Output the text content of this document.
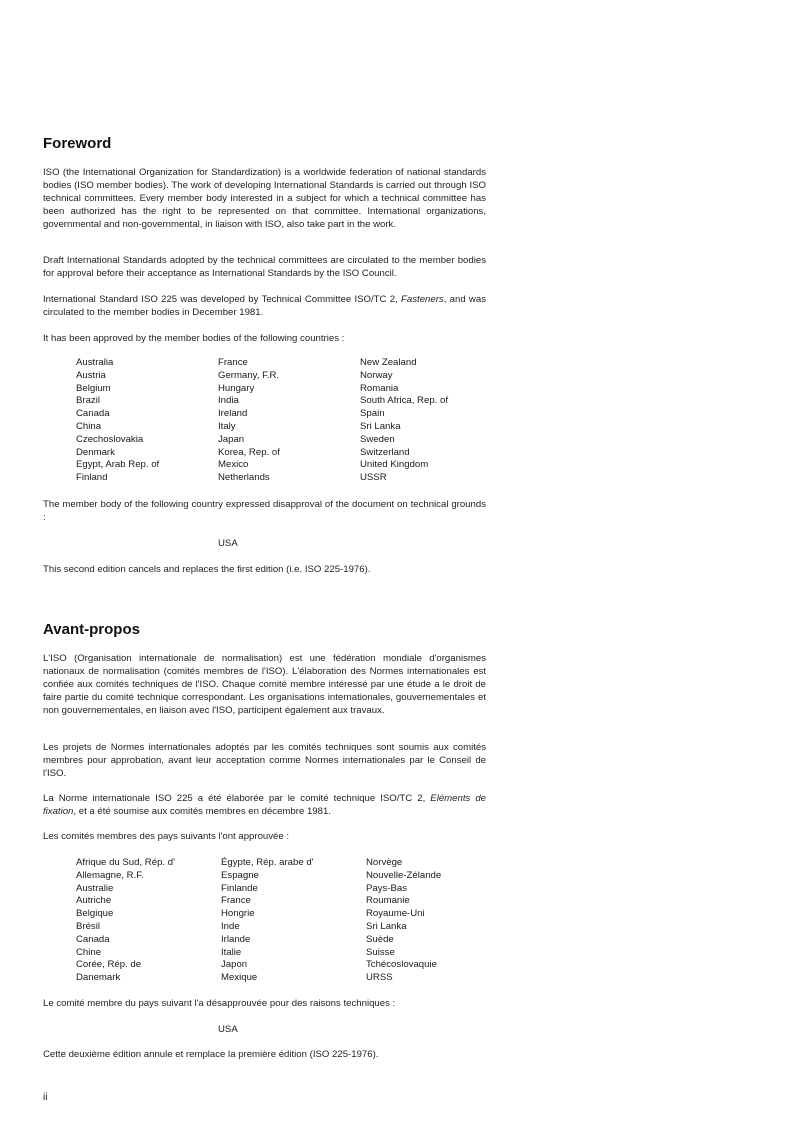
Foreword

ISO (the International Organization for Standardization) is a worldwide federation of national standards bodies (ISO member bodies). The work of developing International Standards is carried out through ISO technical committees. Every member body interested in a subject for which a technical committee has been authorized has the right to be represented on that committee. International organizations, governmental and non-governmental, in liaison with ISO, also take part in the work.

Draft International Standards adopted by the technical committees are circulated to the member bodies for approval before their acceptance as International Standards by the ISO Council.

International Standard ISO 225 was developed by Technical Committee ISO/TC 2, Fasteners, and was circulated to the member bodies in December 1981.

It has been approved by the member bodies of the following countries :

Australia
Austria
Belgium
Brazil
Canada
China
Czechoslovakia
Denmark
Egypt, Arab Rep. of
Finland
France
Germany, F.R.
Hungary
India
Ireland
Italy
Japan
Korea, Rep. of
Mexico
Netherlands
New Zealand
Norway
Romania
South Africa, Rep. of
Spain
Sri Lanka
Sweden
Switzerland
United Kingdom
USSR

The member body of the following country expressed disapproval of the document on technical grounds :

USA

This second edition cancels and replaces the first edition (i.e. ISO 225-1976).

Avant-propos

L'ISO (Organisation internationale de normalisation) est une fédération mondiale d'organismes nationaux de normalisation (comités membres de l'ISO). L'élaboration des Normes internationales est confiée aux comités techniques de l'ISO. Chaque comité membre intéressé par une étude a le droit de faire partie du comité technique correspondant. Les organisations internationales, gouvernementales et non gouvernementales, en liaison avec l'ISO, participent également aux travaux.

Les projets de Normes internationales adoptés par les comités techniques sont soumis aux comités membres pour approbation, avant leur acceptation comme Normes internationales par le Conseil de l'ISO.

La Norme internationale ISO 225 a été élaborée par le comité technique ISO/TC 2, Eléments de fixation, et a été soumise aux comités membres en décembre 1981.

Les comités membres des pays suivants l'ont approuvée :

Afrique du Sud, Rép. d'
Allemagne, R.F.
Australie
Autriche
Belgique
Brésil
Canada
Chine
Corée, Rép. de
Danemark
Égypte, Rép. arabe d'
Espagne
Finlande
France
Hongrie
Inde
Irlande
Italie
Japon
Mexique
Norvège
Nouvelle-Zélande
Pays-Bas
Roumanie
Royaume-Uni
Sri Lanka
Suède
Suisse
Tchécoslovaquie
URSS

Le comité membre du pays suivant l'a désapprouvée pour des raisons techniques :

USA

Cette deuxième édition annule et remplace la première édition (ISO 225-1976).

ii
